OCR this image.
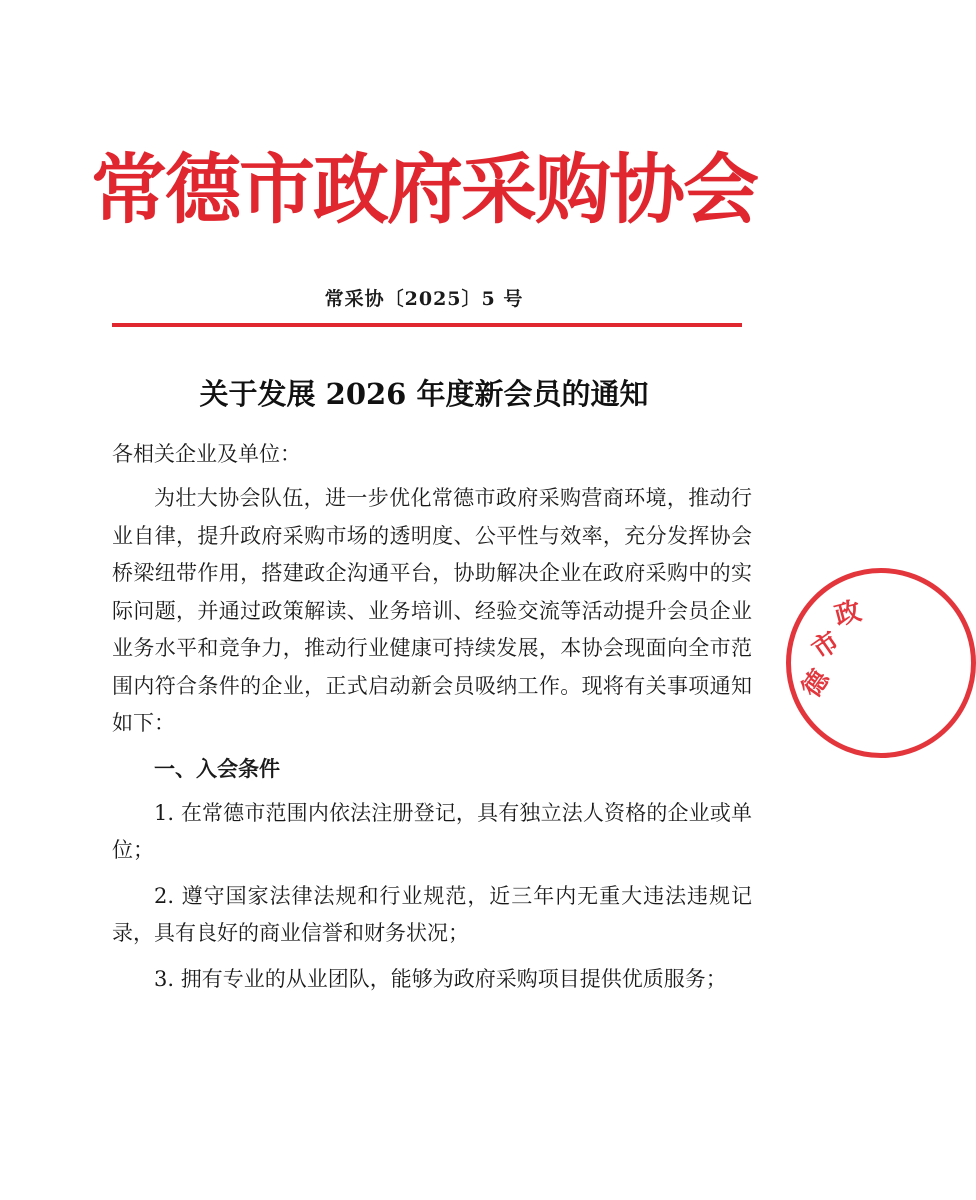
常德市政府采购协会
常采协〔2025〕5 号
关于发展 2026 年度新会员的通知

各相关企业及单位：

为壮大协会队伍，进一步优化常德市政府采购营商环境，推动行业自律，提升政府采购市场的透明度、公平性与效率，充分发挥协会桥梁纽带作用，搭建政企沟通平台，协助解决企业在政府采购中的实际问题，并通过政策解读、业务培训、经验交流等活动提升会员企业业务水平和竞争力，推动行业健康可持续发展，本协会现面向全市范围内符合条件的企业，正式启动新会员吸纳工作。现将有关事项通知如下：

一、入会条件

1. 在常德市范围内依法注册登记，具有独立法人资格的企业或单位；

2. 遵守国家法律法规和行业规范，近三年内无重大违法违规记录，具有良好的商业信誉和财务状况；

3. 拥有专业的从业团队，能够为政府采购项目提供优质服务；

德
市
政
